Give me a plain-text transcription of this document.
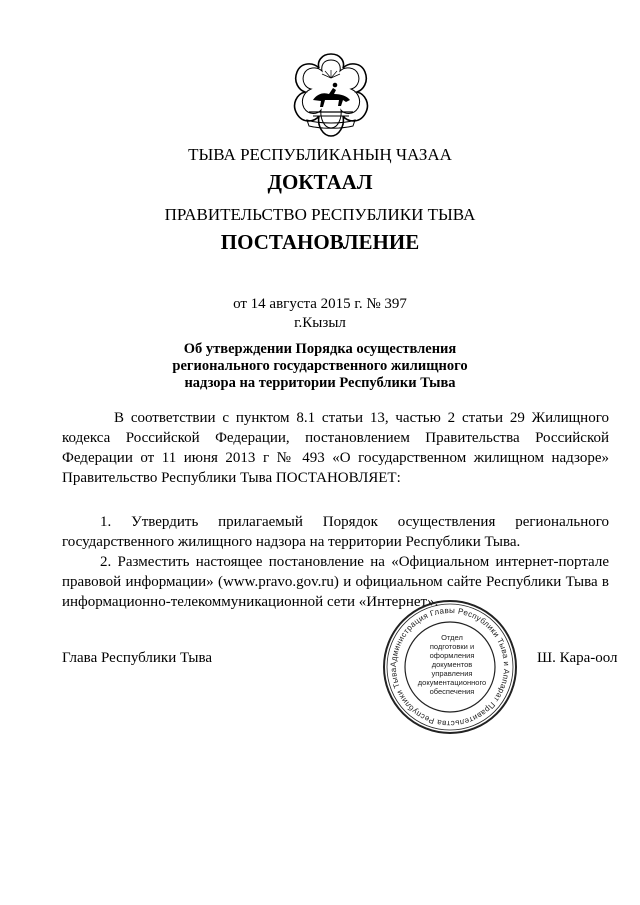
ТЫВА РЕСПУБЛИКАНЫҢ ЧАЗАА
ДОКТААЛ
ПРАВИТЕЛЬСТВО РЕСПУБЛИКИ ТЫВА
ПОСТАНОВЛЕНИЕ
от 14 августа 2015 г. № 397
г.Кызыл
Об утверждении Порядка осуществления
регионального государственного жилищного
надзора на территории Республики Тыва
В соответствии с пунктом 8.1 статьи 13, частью 2 статьи 29 Жилищного кодекса Российской Федерации, постановлением Правительства Российской Федерации от 11 июня 2013 г № 493 «О государственном жилищном надзоре» Правительство Республики Тыва ПОСТАНОВЛЯЕТ:
1. Утвердить прилагаемый Порядок осуществления регионального государственного жилищного надзора на территории Республики Тыва.
2. Разместить настоящее постановление на «Официальном интернет-портале правовой информации» (www.pravo.gov.ru) и официальном сайте Республики Тыва в информационно-телекоммуникационной сети «Интернет».
Администрация Главы Республики Тыва и Аппарат Правительства Республики Тыва
Отдел
подготовки и
оформления документов
управления
документационного
обеспечения
Глава Республики Тыва	Ш. Кара-оол
